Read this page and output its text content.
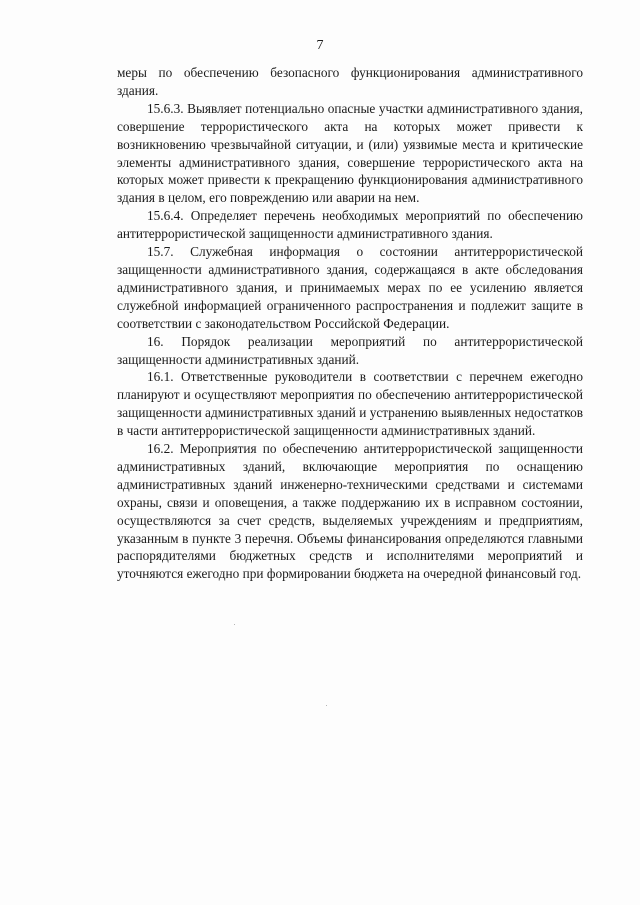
7

меры по обеспечению безопасного функционирования административного здания.

15.6.3. Выявляет потенциально опасные участки административного здания, совершение террористического акта на которых может привести к возникновению чрезвычайной ситуации, и (или) уязвимые места и критические элементы административного здания, совершение террористического акта на которых может привести к прекращению функционирования административного здания в целом, его повреждению или аварии на нем.

15.6.4. Определяет перечень необходимых мероприятий по обеспечению антитеррористической защищенности административного здания.

15.7. Служебная информация о состоянии антитеррористической защищенности административного здания, содержащаяся в акте обследования административного здания, и принимаемых мерах по ее усилению является служебной информацией ограниченного распространения и подлежит защите в соответствии с законодательством Российской Федерации.

16. Порядок реализации мероприятий по антитеррористической защищенности административных зданий.

16.1. Ответственные руководители в соответствии с перечнем ежегодно планируют и осуществляют мероприятия по обеспечению антитеррористической защищенности административных зданий и устранению выявленных недостатков в части антитеррористической защищенности административных зданий.

16.2. Мероприятия по обеспечению антитеррористической защищенности административных зданий, включающие мероприятия по оснащению административных зданий инженерно-техническими средствами и системами охраны, связи и оповещения, а также поддержанию их в исправном состоянии, осуществляются за счет средств, выделяемых учреждениям и предприятиям, указанным в пункте 3 перечня. Объемы финансирования определяются главными распорядителями бюджетных средств и исполнителями мероприятий и уточняются ежегодно при формировании бюджета на очередной финансовый год.
